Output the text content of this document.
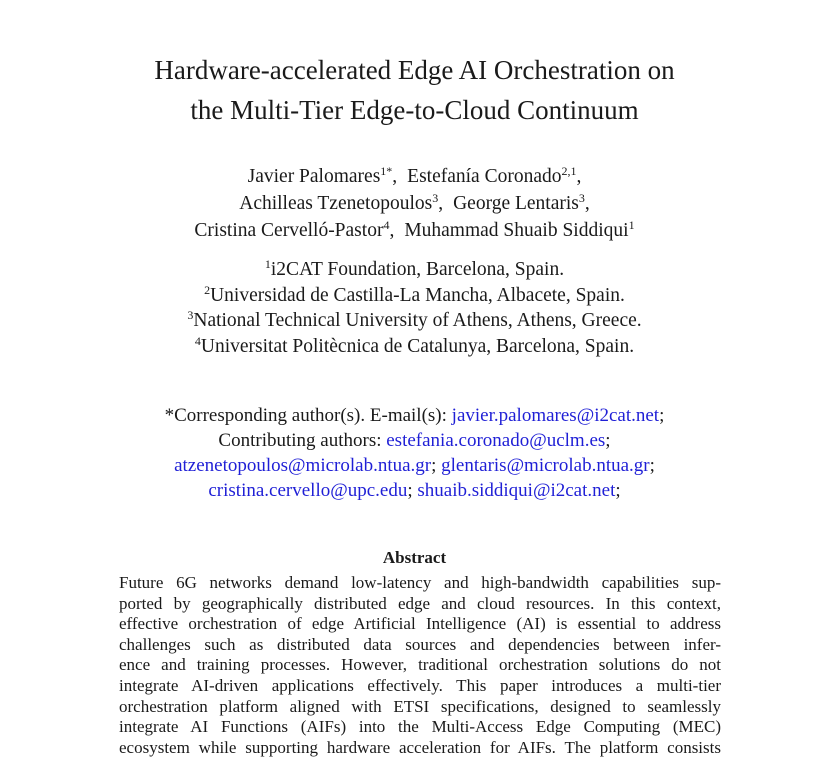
Hardware-accelerated Edge AI Orchestration on
the Multi-Tier Edge-to-Cloud Continuum
Javier Palomares$^{1*}$, Estefanía Coronado$^{2,1}$,
Achilleas Tzenetopoulos$^3$, George Lentaris$^3$,
Cristina Cervelló-Pastor$^4$, Muhammad Shuaib Siddiqui$^1$
$^1$i2CAT Foundation, Barcelona, Spain.
$^2$Universidad de Castilla-La Mancha, Albacete, Spain.
$^3$National Technical University of Athens, Athens, Greece.
$^4$Universitat Politècnica de Catalunya, Barcelona, Spain.
*Corresponding author(s). E-mail(s): javier.palomares@i2cat.net;
Contributing authors: estefania.coronado@uclm.es;
atzenetopoulos@microlab.ntua.gr; glentaris@microlab.ntua.gr;
cristina.cervello@upc.edu; shuaib.siddiqui@i2cat.net;
Abstract
Future 6G networks demand low-latency and high-bandwidth capabilities sup-
ported by geographically distributed edge and cloud resources. In this context,
effective orchestration of edge Artificial Intelligence (AI) is essential to address
challenges such as distributed data sources and dependencies between infer-
ence and training processes. However, traditional orchestration solutions do not
integrate AI-driven applications effectively. This paper introduces a multi-tier
orchestration platform aligned with ETSI specifications, designed to seamlessly
integrate AI Functions (AIFs) into the Multi-Access Edge Computing (MEC)
ecosystem while supporting hardware acceleration for AIFs. The platform consists
